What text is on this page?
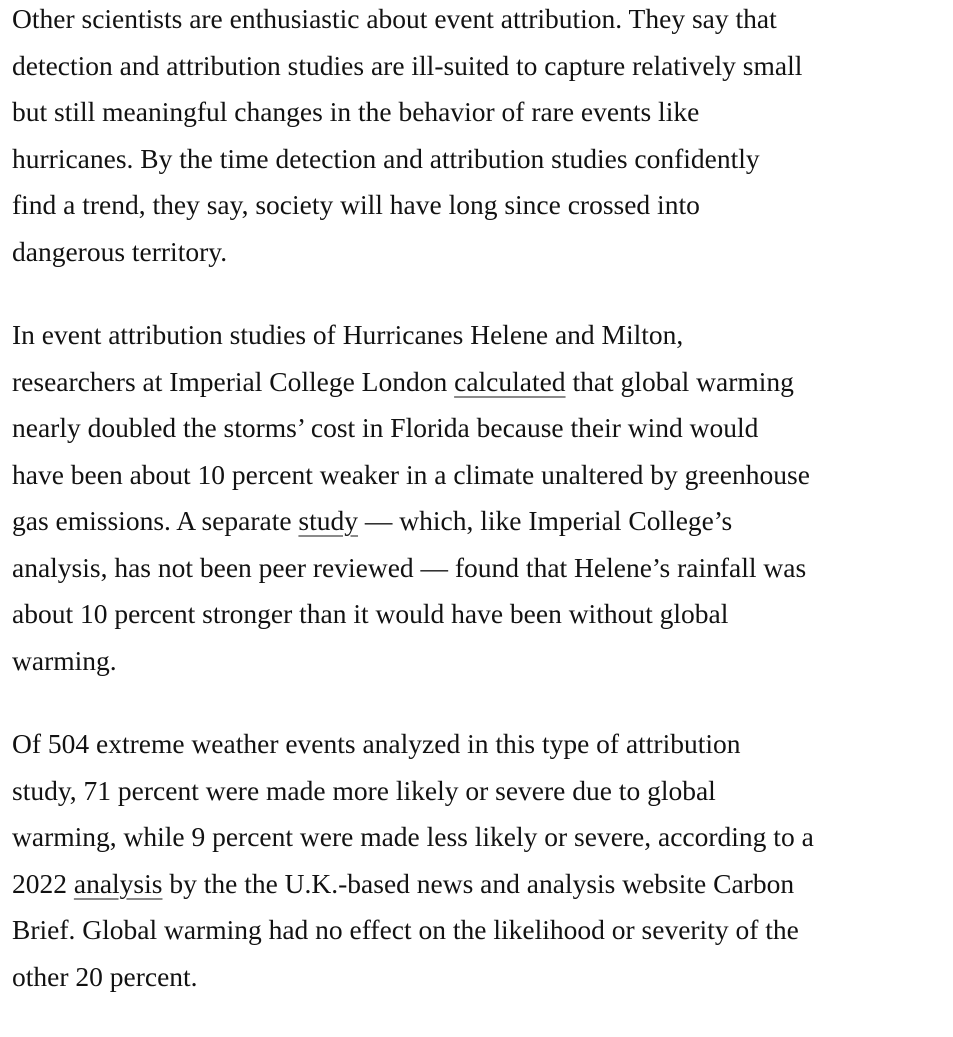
Other scientists are enthusiastic about event attribution. They say that
detection and attribution studies are ill-suited to capture relatively small
but still meaningful changes in the behavior of rare events like
hurricanes. By the time detection and attribution studies confidently
find a trend, they say, society will have long since crossed into
dangerous territory.

In event attribution studies of Hurricanes Helene and Milton,
researchers at Imperial College London calculated that global warming
nearly doubled the storms’ cost in Florida because their wind would
have been about 10 percent weaker in a climate unaltered by greenhouse
gas emissions. A separate study — which, like Imperial College’s
analysis, has not been peer reviewed — found that Helene’s rainfall was
about 10 percent stronger than it would have been without global
warming.

Of 504 extreme weather events analyzed in this type of attribution
study, 71 percent were made more likely or severe due to global
warming, while 9 percent were made less likely or severe, according to a
2022 analysis by the the U.K.-based news and analysis website Carbon
Brief. Global warming had no effect on the likelihood or severity of the
other 20 percent.
